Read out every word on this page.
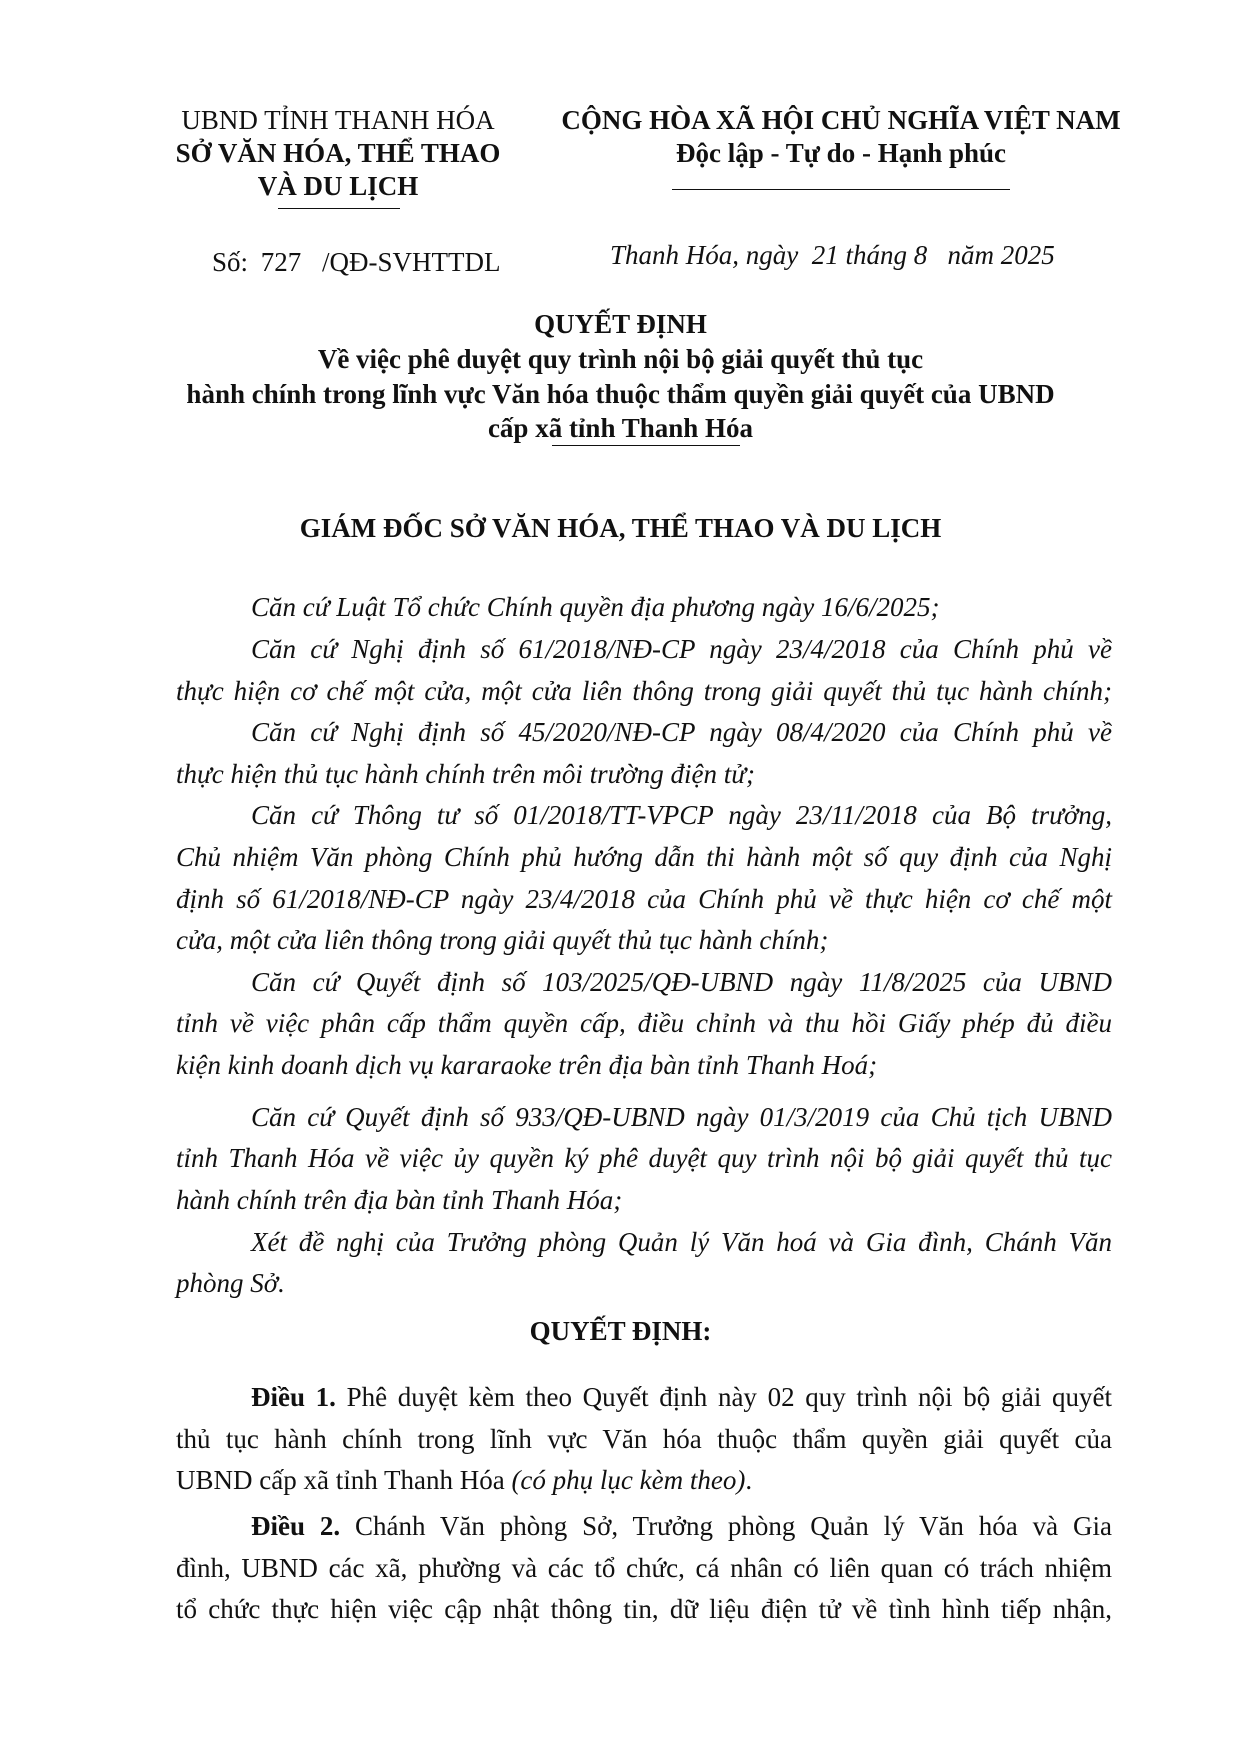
UBND TỈNH THANH HÓA
SỞ VĂN HÓA, THỂ THAO
VÀ DU LỊCH
CỘNG HÒA XÃ HỘI CHỦ NGHĨA VIỆT NAM
Độc lập - Tự do - Hạnh phúc
Số: 727 /QĐ-SVHTTDL	Thanh Hóa, ngày  21 tháng 8   năm 2025
QUYẾT ĐỊNH
Về việc phê duyệt quy trình nội bộ giải quyết thủ tục
hành chính trong lĩnh vực Văn hóa thuộc thẩm quyền giải quyết của UBND
cấp xã tỉnh Thanh Hóa
GIÁM ĐỐC SỞ VĂN HÓA, THỂ THAO VÀ DU LỊCH
Căn cứ Luật Tổ chức Chính quyền địa phương ngày 16/6/2025;
Căn cứ Nghị định số 61/2018/NĐ-CP ngày 23/4/2018 của Chính phủ về
thực hiện cơ chế một cửa, một cửa liên thông trong giải quyết thủ tục hành chính;
Căn cứ Nghị định số 45/2020/NĐ-CP ngày 08/4/2020 của Chính phủ về
thực hiện thủ tục hành chính trên môi trường điện tử;
Căn cứ Thông tư số 01/2018/TT-VPCP ngày 23/11/2018 của Bộ trưởng,
Chủ nhiệm Văn phòng Chính phủ hướng dẫn thi hành một số quy định của Nghị
định số 61/2018/NĐ-CP ngày 23/4/2018 của Chính phủ về thực hiện cơ chế một
cửa, một cửa liên thông trong giải quyết thủ tục hành chính;
Căn cứ Quyết định số 103/2025/QĐ-UBND ngày 11/8/2025 của UBND
tỉnh về việc phân cấp thẩm quyền cấp, điều chỉnh và thu hồi Giấy phép đủ điều
kiện kinh doanh dịch vụ kararaoke trên địa bàn tỉnh Thanh Hoá;
Căn cứ Quyết định số 933/QĐ-UBND ngày 01/3/2019 của Chủ tịch UBND
tỉnh Thanh Hóa về việc ủy quyền ký phê duyệt quy trình nội bộ giải quyết thủ tục
hành chính trên địa bàn tỉnh Thanh Hóa;
Xét đề nghị của Trưởng phòng Quản lý Văn hoá và Gia đình, Chánh Văn
phòng Sở.
QUYẾT ĐỊNH:
Điều 1. Phê duyệt kèm theo Quyết định này 02 quy trình nội bộ giải quyết
thủ tục hành chính trong lĩnh vực Văn hóa thuộc thẩm quyền giải quyết của
UBND cấp xã tỉnh Thanh Hóa (có phụ lục kèm theo).
Điều 2. Chánh Văn phòng Sở, Trưởng phòng Quản lý Văn hóa và Gia
đình, UBND các xã, phường và các tổ chức, cá nhân có liên quan có trách nhiệm
tổ chức thực hiện việc cập nhật thông tin, dữ liệu điện tử về tình hình tiếp nhận,
